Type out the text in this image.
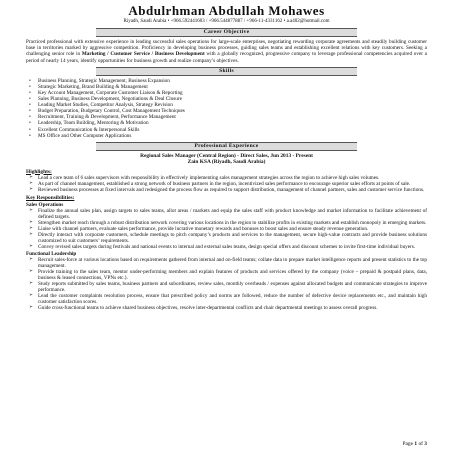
Abdulrhman Abdullah Mohawes
Riyadh, Saudi Arabia • +966.592441603 / +966.544877887 / +966-11-4331162 • a.a402@hotmail.com
Career Objective

Practiced professional with extensive experience in leading successful sales operations for large-scale enterprises, negotiating rewarding corporate agreements and steadily building customer base in territories marked by aggressive competition. Proficiency in developing business processes, guiding sales teams and establishing excellent relations with key customers. Seeking a challenging senior role in Marketing / Customer Service / Business Development with a globally recognized, progressive company to leverage professional competencies acquired over a period of nearly 14 years, identify opportunities for business growth and realize company’s objectives.

Skills
• Business Planning, Strategic Management, Business Expansion
• Strategic Marketing, Brand Building & Management
• Key Account Management, Corporate Customer Liaison & Reporting
• Sales Planning, Business Development, Negotiations & Deal Closure
• Leading Market Studies, Competitor Analysis, Strategy Revision
• Budget Preparation, Budgetary Control, Cost Management Techniques
• Recruitment, Training & Development, Performance Management
• Leadership, Team Building, Mentoring & Motivation
• Excellent Communication & Interpersonal Skills
• MS Office and Other Computer Applications
Professional Experience
Regional Sales Manager (Central Region) - Direct Sales, Jun 2013 - Present
Zain KSA (Riyadh, Saudi Arabia)
Highlights:
➢ Lead a core team of 6 sales supervisors with responsibility in effectively implementing sales management strategies across the region to achieve high sales volumes.
➢ As part of channel management, established a strong network of business partners in the region, incentivized sales performance to encourage superior sales efforts at points of sale.
➢ Reviewed business processes at fixed intervals and redesigned the process flow as required to support distribution, management of channel partners, sales and customer service functions.
Key Responsibilities:
Sales Operations
➢ Finalize the annual sales plan, assign targets to sales teams, allot areas / markets and equip the sales staff with product knowledge and market information to facilitate achievement of defined targets.
➢ Strengthen market reach through a robust distribution network covering various locations in the region to stabilize profits in existing markets and establish monopoly in emerging markets.
➢ Liaise with channel partners, evaluate sales performance, provide lucrative monetary rewards and bonuses to boost sales and ensure steady revenue generation.
➢ Directly interact with corporate customers, schedule meetings to pitch company’s products and services to the management, secure high-value contracts and provide business solutions customized to suit customers’ requirements.
➢ Convey revised sales targets during festivals and national events to internal and external sales teams, design special offers and discount schemes to invite first-time individual buyers.
Functional Leadership
➢ Recruit sales-force at various locations based on requirements gathered from internal and on-field teams; collate data to prepare market intelligence reports and present statistics to the top management.
➢ Provide training to the sales team, mentor under-performing members and explain features of products and services offered by the company (voice – prepaid & postpaid plans, data, business & leased connections, VPNs etc.).
➢ Study reports submitted by sales teams, business partners and subordinates, review sales, monthly overheads / expenses against allocated budgets and communicate strategies to improve performance.
➢ Lead the customer complaints resolution process, ensure that prescribed policy and norms are followed, reduce the number of defective device replacements etc., and maintain high customer satisfaction scores.
➢ Guide cross-functional teams to achieve shared business objectives, resolve inter-departmental conflicts and chair departmental meetings to assess overall progress.
Page 1 of 3
